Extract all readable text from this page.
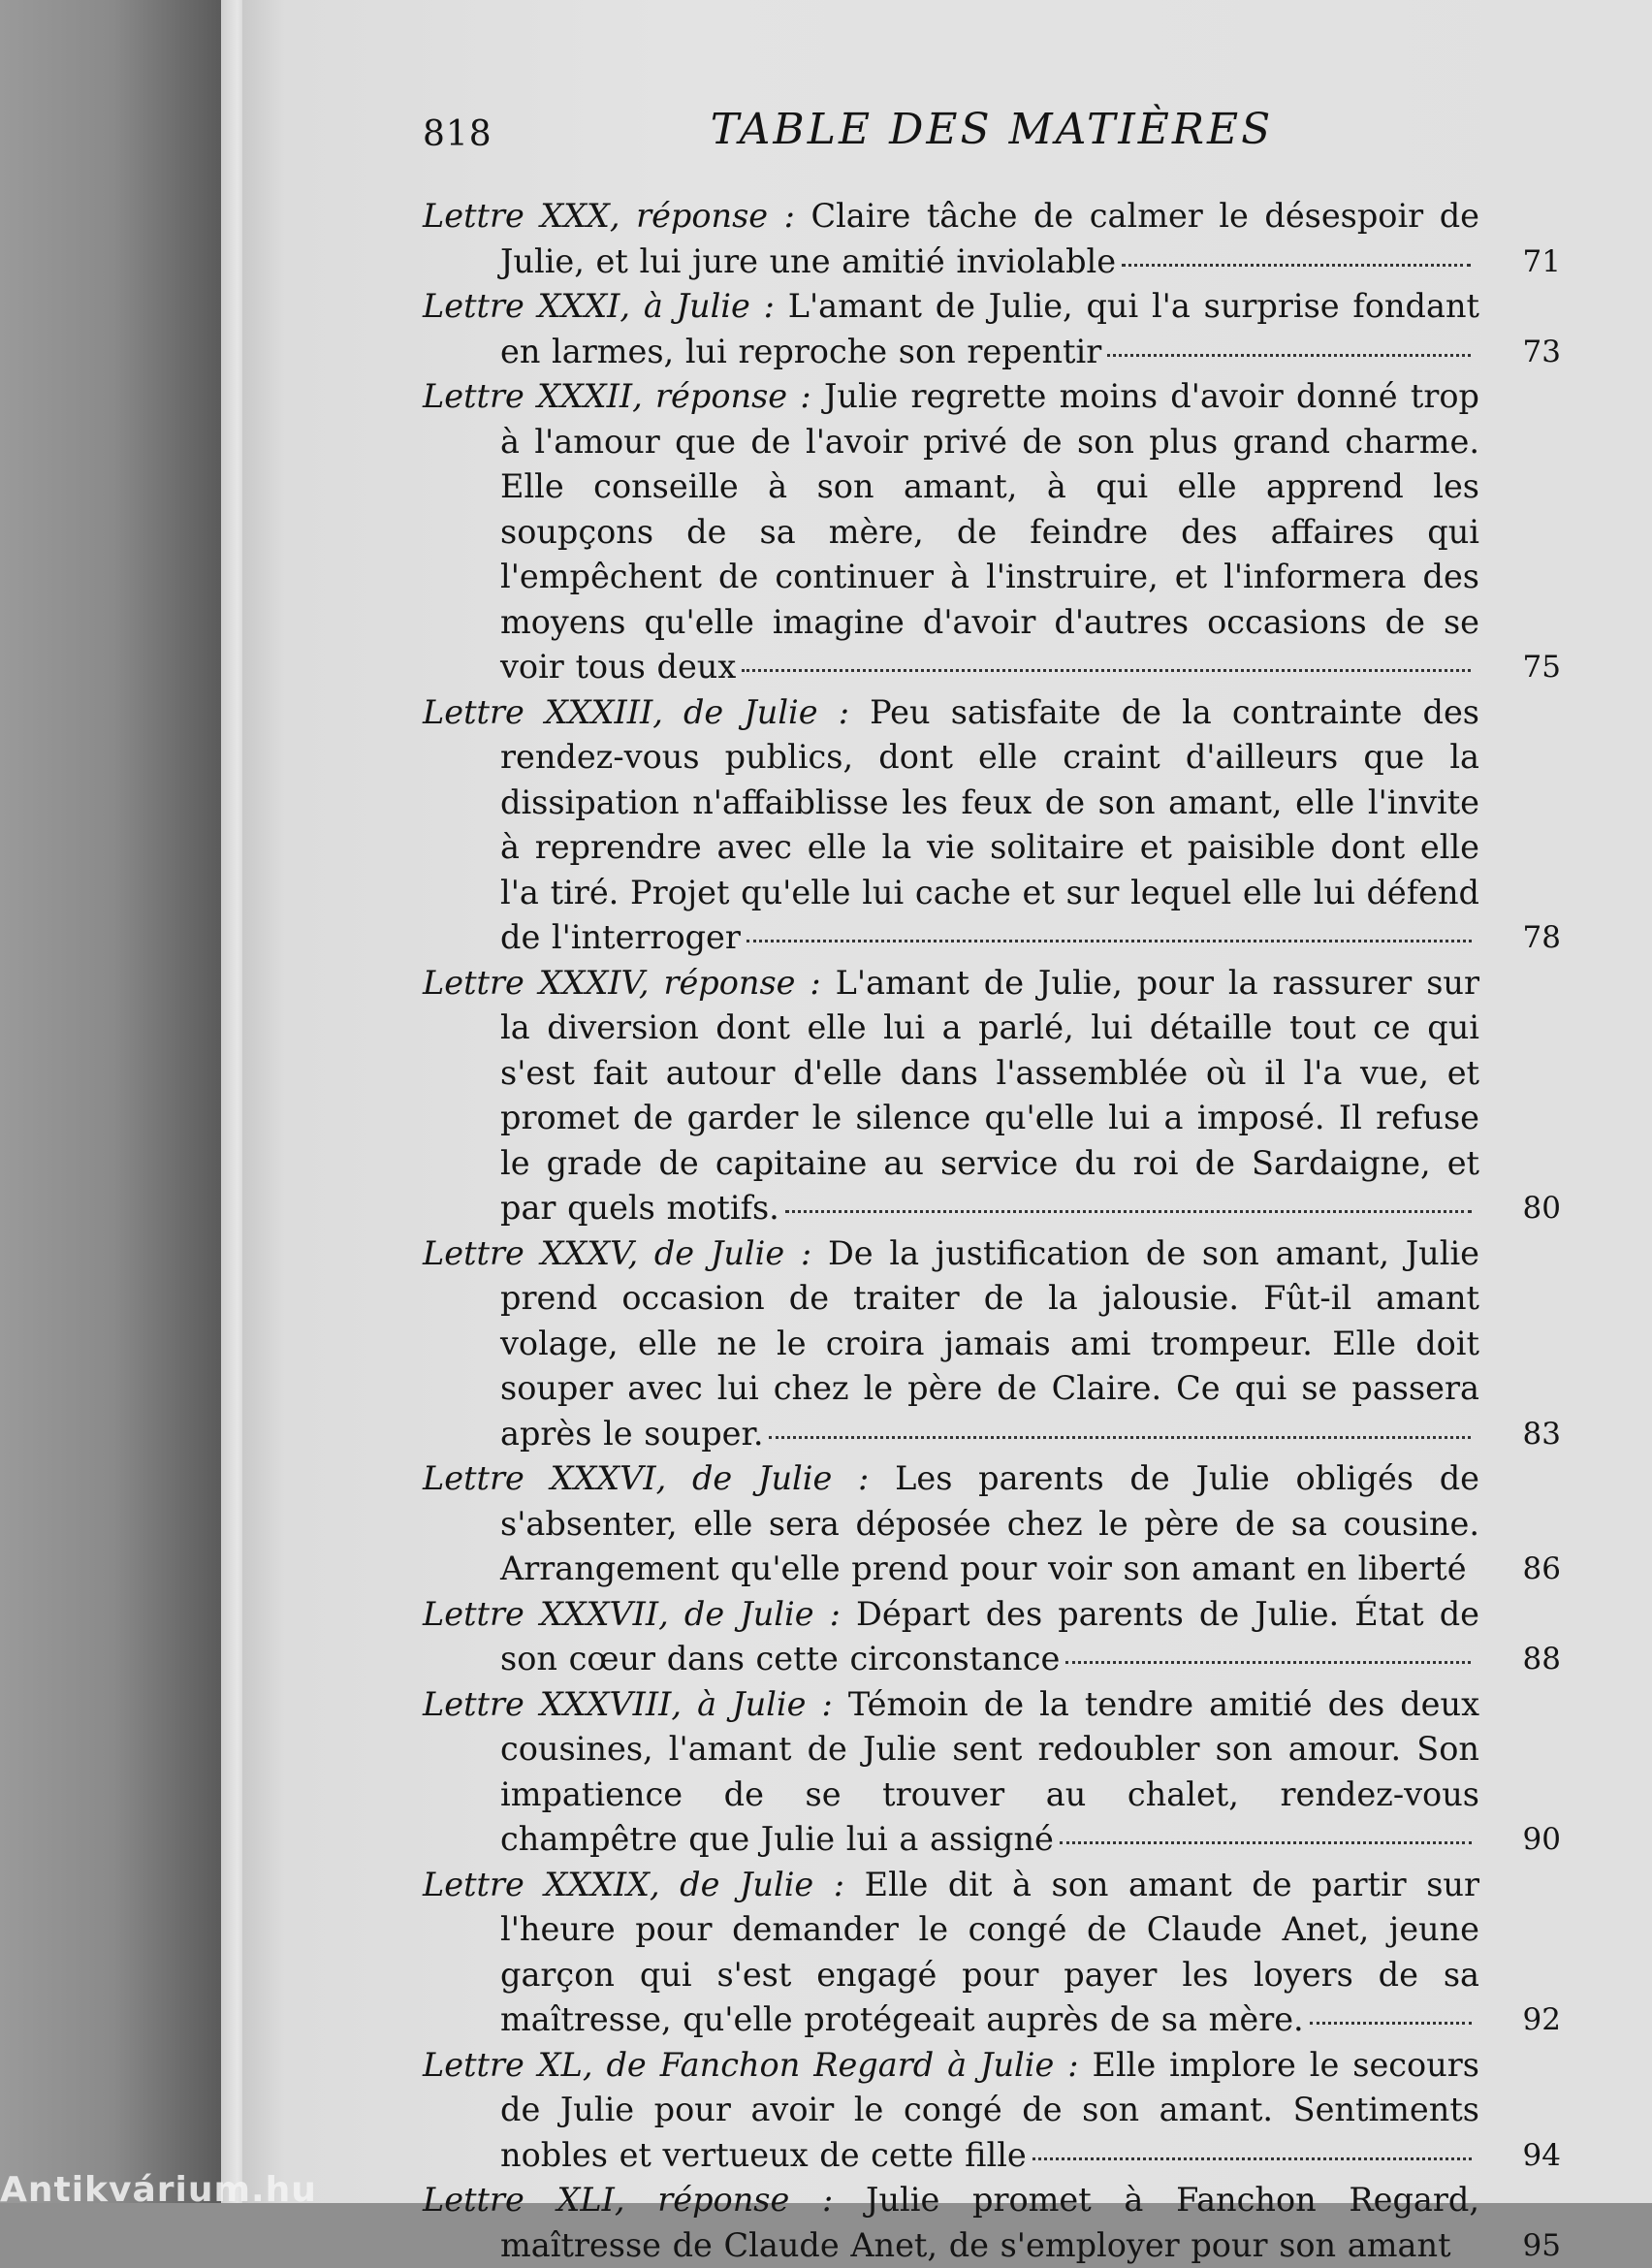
818	TABLE DES MATIÈRES
Lettre XXX, réponse : Claire tâche de calmer le désespoir de Julie, et lui jure une amitié inviolable	71
Lettre XXXI, à Julie : L'amant de Julie, qui l'a surprise fondant en larmes, lui reproche son repentir	73
Lettre XXXII, réponse : Julie regrette moins d'avoir donné trop à l'amour que de l'avoir privé de son plus grand charme. Elle conseille à son amant, à qui elle apprend les soupçons de sa mère, de feindre des affaires qui l'empêchent de continuer à l'instruire, et l'informera des moyens qu'elle imagine d'avoir d'autres occasions de se voir tous deux	75
Lettre XXXIII, de Julie : Peu satisfaite de la contrainte des rendez-vous publics, dont elle craint d'ailleurs que la dissipation n'affaiblisse les feux de son amant, elle l'invite à reprendre avec elle la vie solitaire et paisible dont elle l'a tiré. Projet qu'elle lui cache et sur lequel elle lui défend de l'interroger	78
Lettre XXXIV, réponse : L'amant de Julie, pour la rassurer sur la diversion dont elle lui a parlé, lui détaille tout ce qui s'est fait autour d'elle dans l'assemblée où il l'a vue, et promet de garder le silence qu'elle lui a imposé. Il refuse le grade de capitaine au service du roi de Sardaigne, et par quels motifs.	80
Lettre XXXV, de Julie : De la justification de son amant, Julie prend occasion de traiter de la jalousie. Fût-il amant volage, elle ne le croira jamais ami trompeur. Elle doit souper avec lui chez le père de Claire. Ce qui se passera après le souper.	83
Lettre XXXVI, de Julie : Les parents de Julie obligés de s'absenter, elle sera déposée chez le père de sa cousine. Arrangement qu'elle prend pour voir son amant en liberté	86
Lettre XXXVII, de Julie : Départ des parents de Julie. État de son cœur dans cette circonstance	88
Lettre XXXVIII, à Julie : Témoin de la tendre amitié des deux cousines, l'amant de Julie sent redoubler son amour. Son impatience de se trouver au chalet, rendez-vous champêtre que Julie lui a assigné	90
Lettre XXXIX, de Julie : Elle dit à son amant de partir sur l'heure pour demander le congé de Claude Anet, jeune garçon qui s'est engagé pour payer les loyers de sa maîtresse, qu'elle protégeait auprès de sa mère.	92
Lettre XL, de Fanchon Regard à Julie : Elle implore le secours de Julie pour avoir le congé de son amant. Sentiments nobles et vertueux de cette fille	94
Lettre XLI, réponse : Julie promet à Fanchon Regard, maîtresse de Claude Anet, de s'employer pour son amant	95
Antikvárium.hu
